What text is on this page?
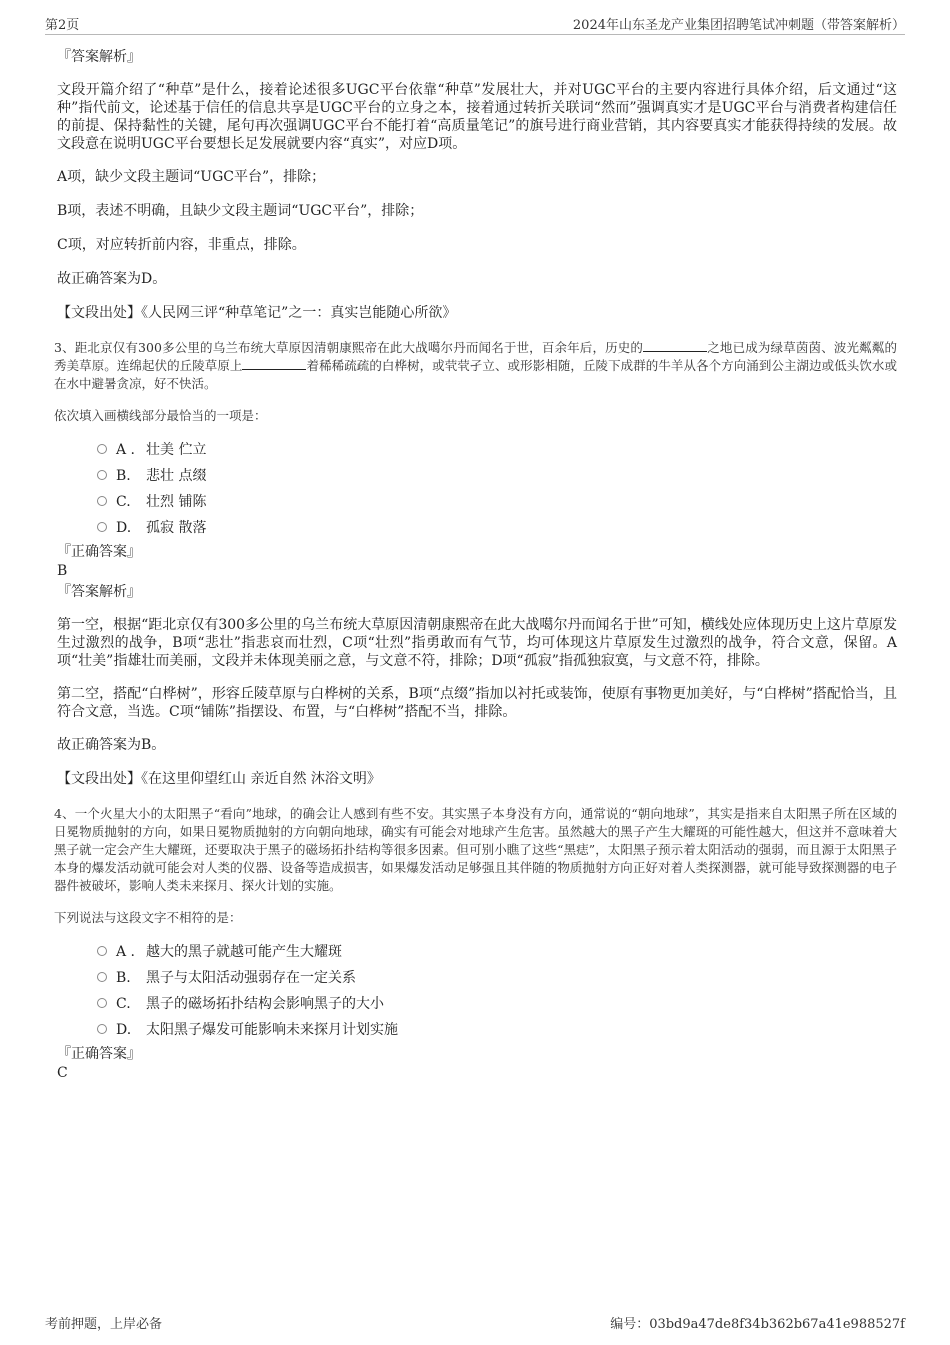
第2页	2024年山东圣龙产业集团招聘笔试冲刺题（带答案解析）
『答案解析』
文段开篇介绍了“种草”是什么，接着论述很多UGC平台依靠“种草”发展壮大，并对UGC平台的主要内容进行具体介绍，后文通过“这种”指代前文，论述基于信任的信息共享是UGC平台的立身之本，接着通过转折关联词“然而”强调真实才是UGC平台与消费者构建信任的前提、保持黏性的关键，尾句再次强调UGC平台不能打着“高质量笔记”的旗号进行商业营销，其内容要真实才能获得持续的发展。故文段意在说明UGC平台要想长足发展就要内容“真实”，对应D项。
A项，缺少文段主题词“UGC平台”，排除；
B项，表述不明确，且缺少文段主题词“UGC平台”，排除；
C项，对应转折前内容，非重点，排除。
故正确答案为D。
【文段出处】《人民网三评“种草笔记”之一：真实岂能随心所欲》
3、距北京仅有300多公里的乌兰布统大草原因清朝康熙帝在此大战噶尔丹而闻名于世，百余年后，历史的	之地已成为绿草茵茵、波光粼粼的秀美草原。连绵起伏的丘陵草原上	着稀稀疏疏的白桦树，或茕茕孑立、或形影相随，丘陵下成群的牛羊从各个方向涌到公主湖边或低头饮水或在水中避暑贪凉，好不快活。
依次填入画横线部分最恰当的一项是：
A . 壮美 伫立
B. 悲壮 点缀
C. 壮烈 铺陈
D. 孤寂 散落
『正确答案』
B
『答案解析』
第一空，根据“距北京仅有300多公里的乌兰布统大草原因清朝康熙帝在此大战噶尔丹而闻名于世”可知，横线处应体现历史上这片草原发生过激烈的战争，B项“悲壮”指悲哀而壮烈，C项“壮烈”指勇敢而有气节，均可体现这片草原发生过激烈的战争，符合文意，保留。A项“壮美”指雄壮而美丽，文段并未体现美丽之意，与文意不符，排除；D项“孤寂”指孤独寂寞，与文意不符，排除。
第二空，搭配“白桦树”，形容丘陵草原与白桦树的关系，B项“点缀”指加以衬托或装饰，使原有事物更加美好，与“白桦树”搭配恰当，且符合文意，当选。C项“铺陈”指摆设、布置，与“白桦树”搭配不当，排除。
故正确答案为B。
【文段出处】《在这里仰望红山 亲近自然 沐浴文明》
4、一个火星大小的太阳黑子“看向”地球，的确会让人感到有些不安。其实黑子本身没有方向，通常说的“朝向地球”，其实是指来自太阳黑子所在区域的日冕物质抛射的方向，如果日冕物质抛射的方向朝向地球，确实有可能会对地球产生危害。虽然越大的黑子产生大耀斑的可能性越大，但这并不意味着大黑子就一定会产生大耀斑，还要取决于黑子的磁场拓扑结构等很多因素。但可别小瞧了这些“黑痣”，太阳黑子预示着太阳活动的强弱，而且源于太阳黑子本身的爆发活动就可能会对人类的仪器、设备等造成损害，如果爆发活动足够强且其伴随的物质抛射方向正好对着人类探测器，就可能导致探测器的电子器件被破坏，影响人类未来探月、探火计划的实施。
下列说法与这段文字不相符的是：
A . 越大的黑子就越可能产生大耀斑
B. 黑子与太阳活动强弱存在一定关系
C. 黑子的磁场拓扑结构会影响黑子的大小
D. 太阳黑子爆发可能影响未来探月计划实施
『正确答案』
C
考前押题，上岸必备	编号：03bd9a47de8f34b362b67a41e988527f
